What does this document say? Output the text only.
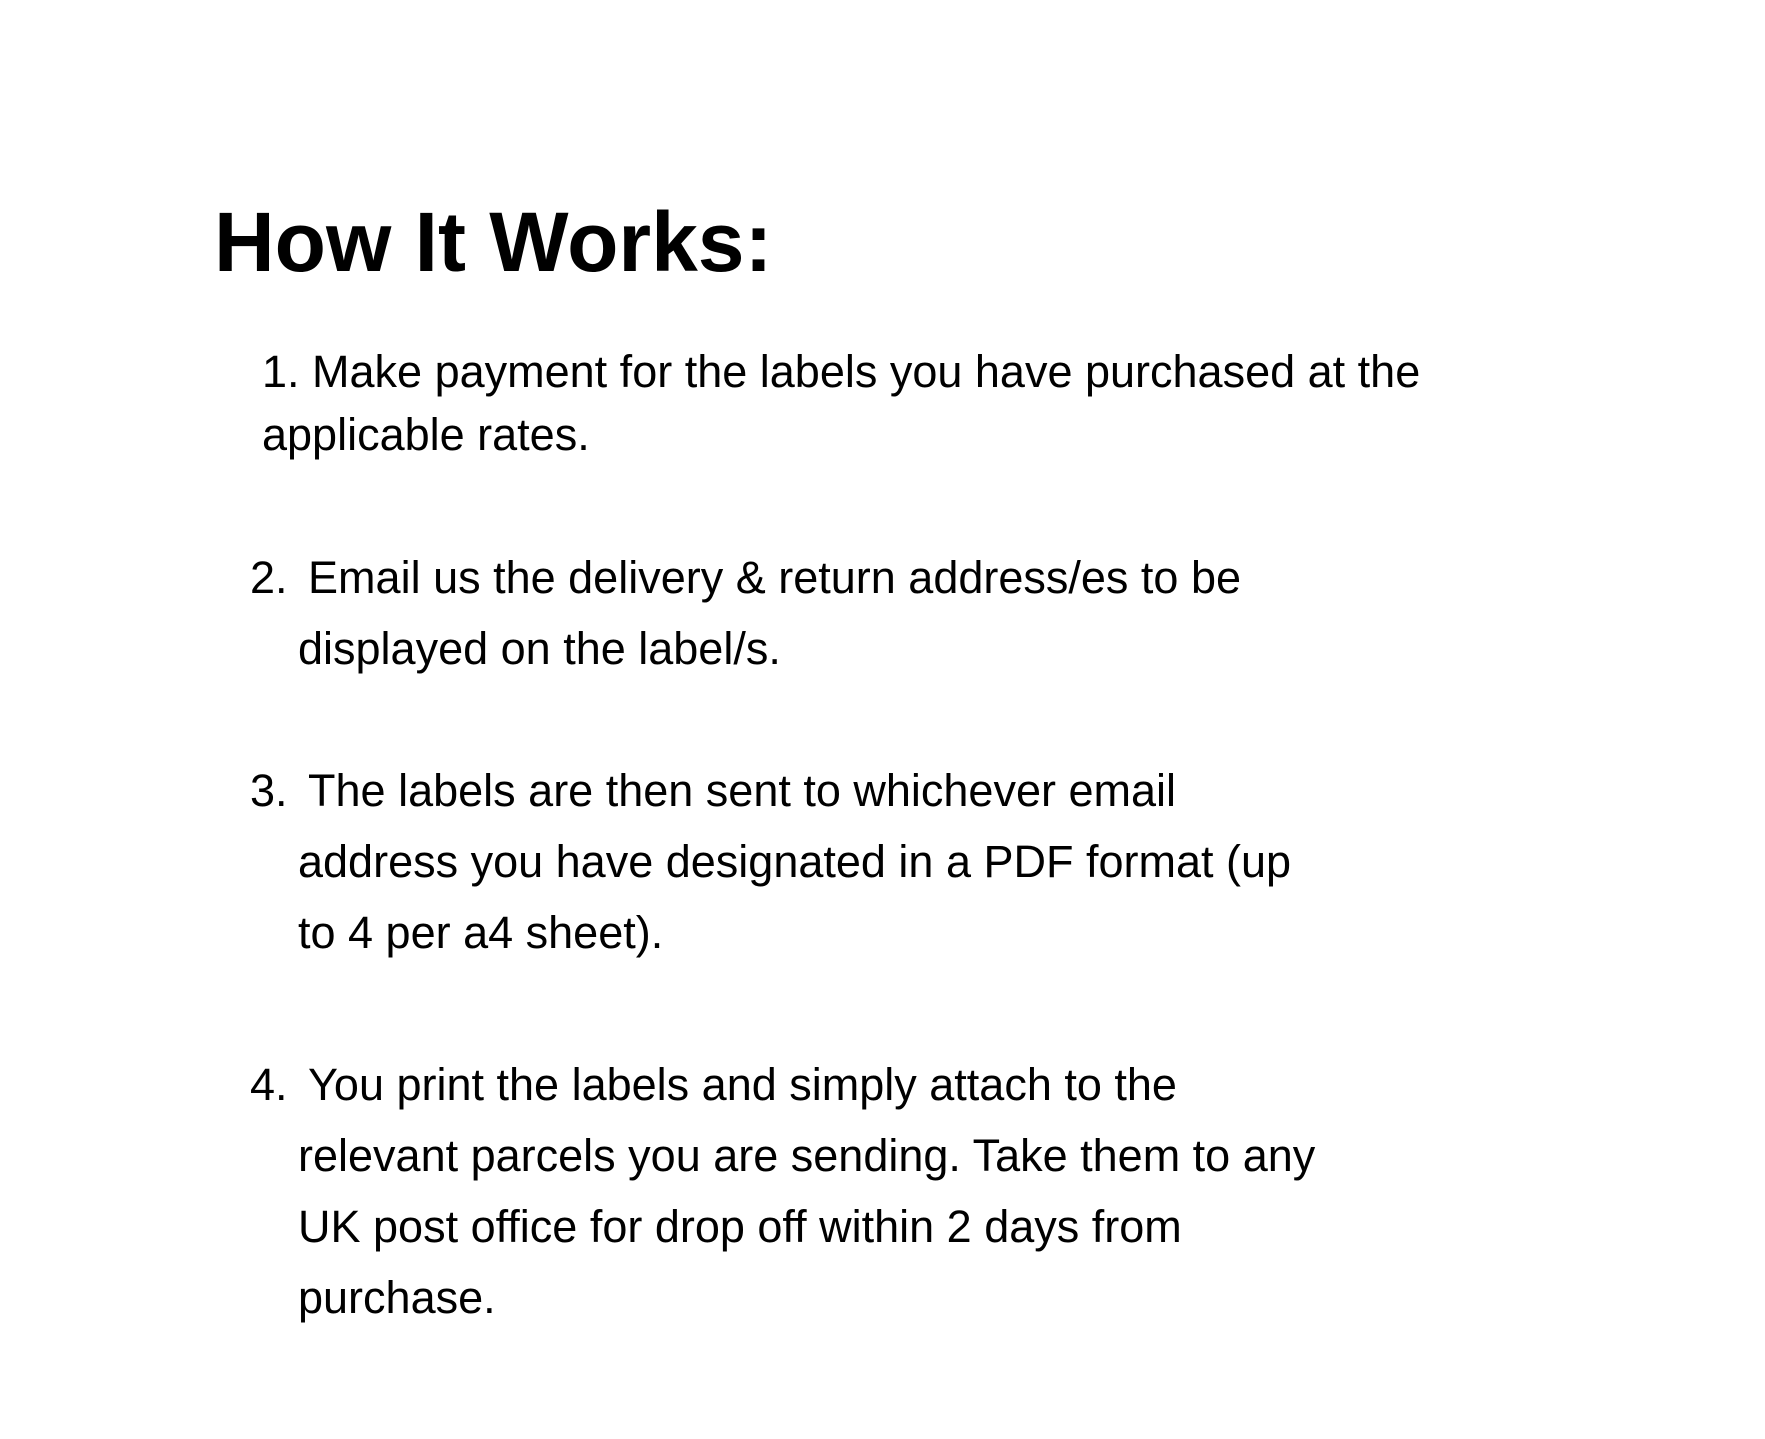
How It Works:
1. Make payment for the labels you have purchased at the
applicable rates.
2. Email us the delivery & return address/es to be
displayed on the label/s.
3. The labels are then sent to whichever email
address you have designated in a PDF format (up
to 4 per a4 sheet).
4. You print the labels and simply attach to the
relevant parcels you are sending. Take them to any
UK post office for drop off within 2 days from
purchase.
